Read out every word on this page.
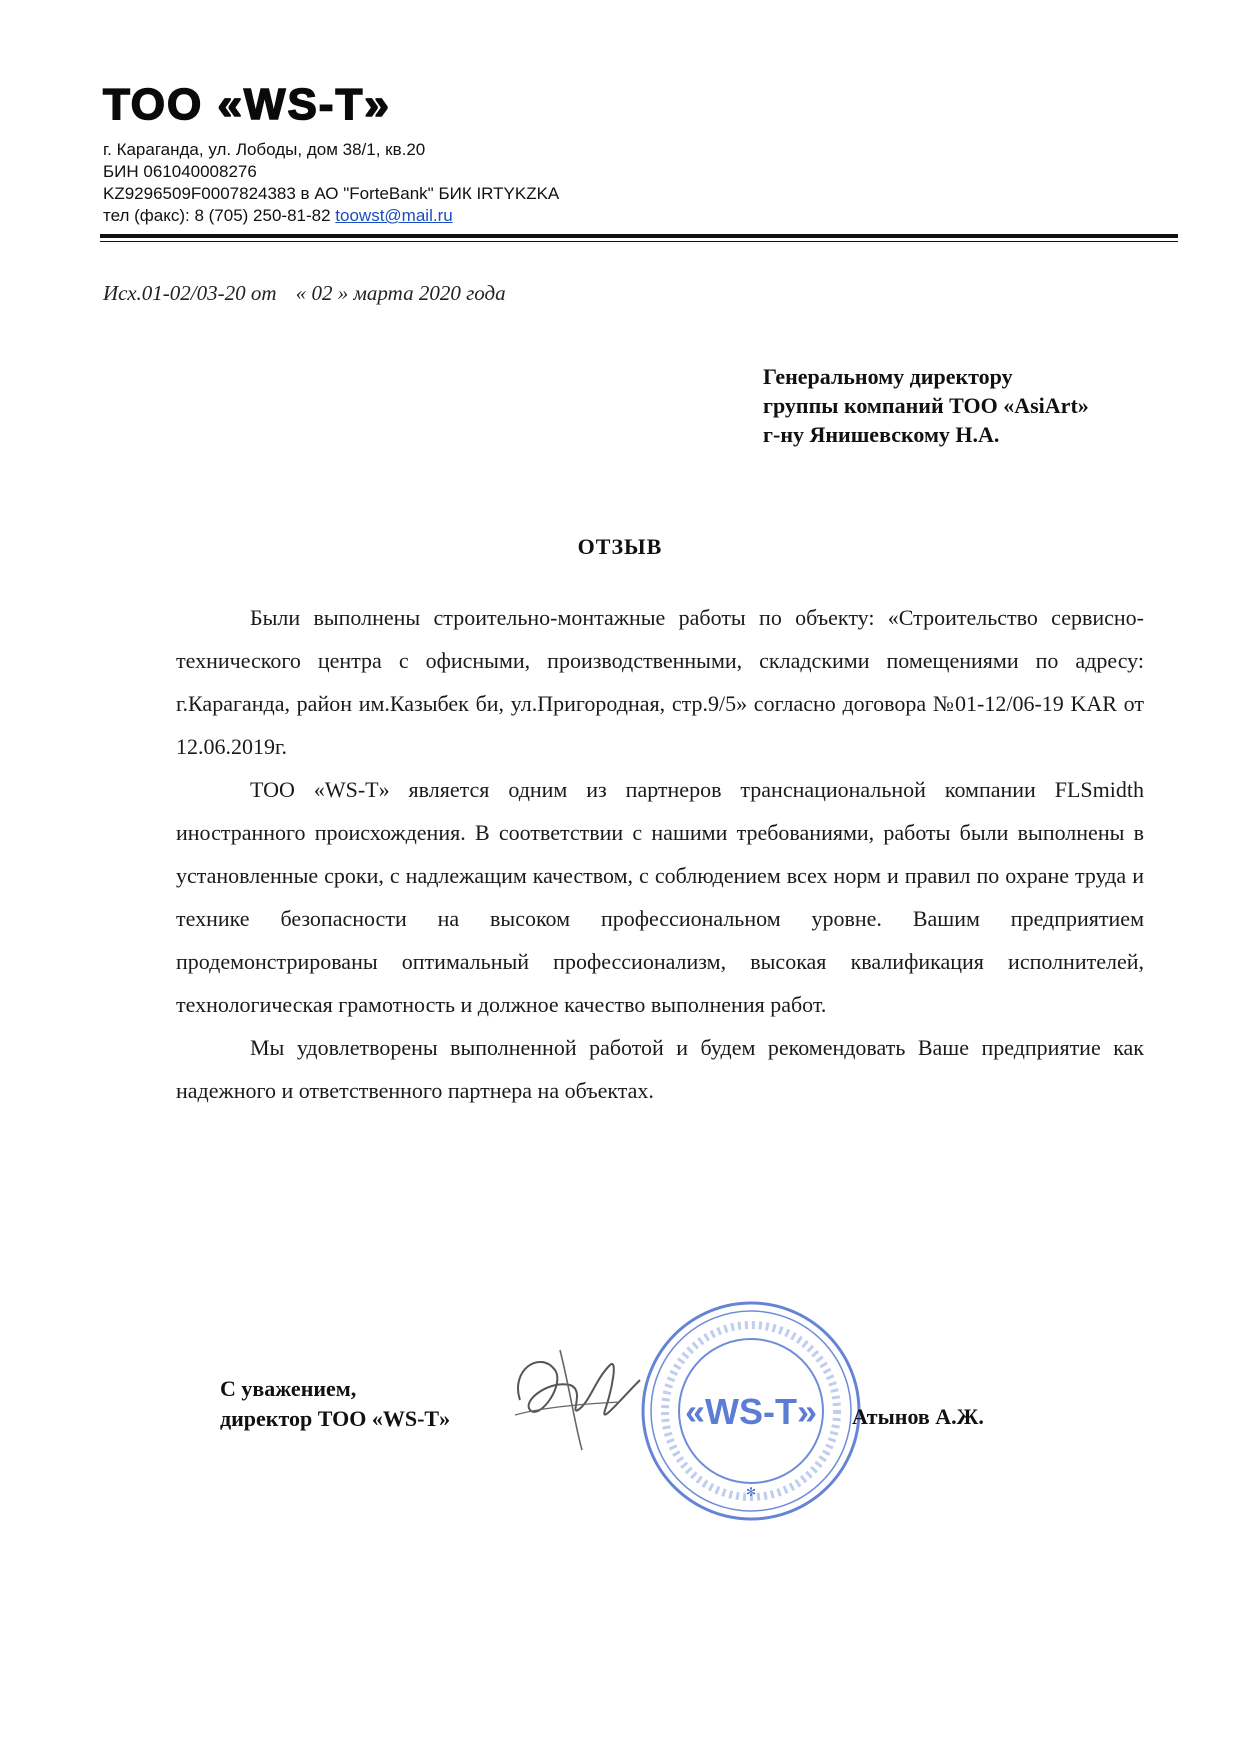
ТОО «WS-T»
г. Караганда, ул. Лободы, дом 38/1, кв.20
БИН 061040008276
KZ9296509F0007824383 в АО "ForteBank" БИК IRTYKZKA
тел (факс): 8 (705) 250-81-82 toowst@mail.ru
Исх.01-02/03-20 от « 02 » марта 2020 года
Генеральному директору
группы компаний ТОО «AsiArt»
г-ну Янишевскому Н.А.
ОТЗЫВ

Были выполнены строительно-монтажные работы по объекту: «Строительство сервисно-технического центра с офисными, производственными, складскими помещениями по адресу: г.Караганда, район им.Казыбек би, ул.Пригородная, стр.9/5» согласно договора №01-12/06-19 KAR от 12.06.2019г.

ТОО «WS-T» является одним из партнеров транснациональной компании FLSmidth иностранного происхождения. В соответствии с нашими требованиями, работы были выполнены в установленные сроки, с надлежащим качеством, с соблюдением всех норм и правил по охране труда и технике безопасности на высоком профессиональном уровне. Вашим предприятием продемонстрированы оптимальный профессионализм, высокая квалификация исполнителей, технологическая грамотность и должное качество выполнения работ.

Мы удовлетворены выполненной работой и будем рекомендовать Ваше предприятие как надежного и ответственного партнера на объектах.

С уважением,
директор ТОО «WS-T»	«WS-T»
✻
Атынов А.Ж.
